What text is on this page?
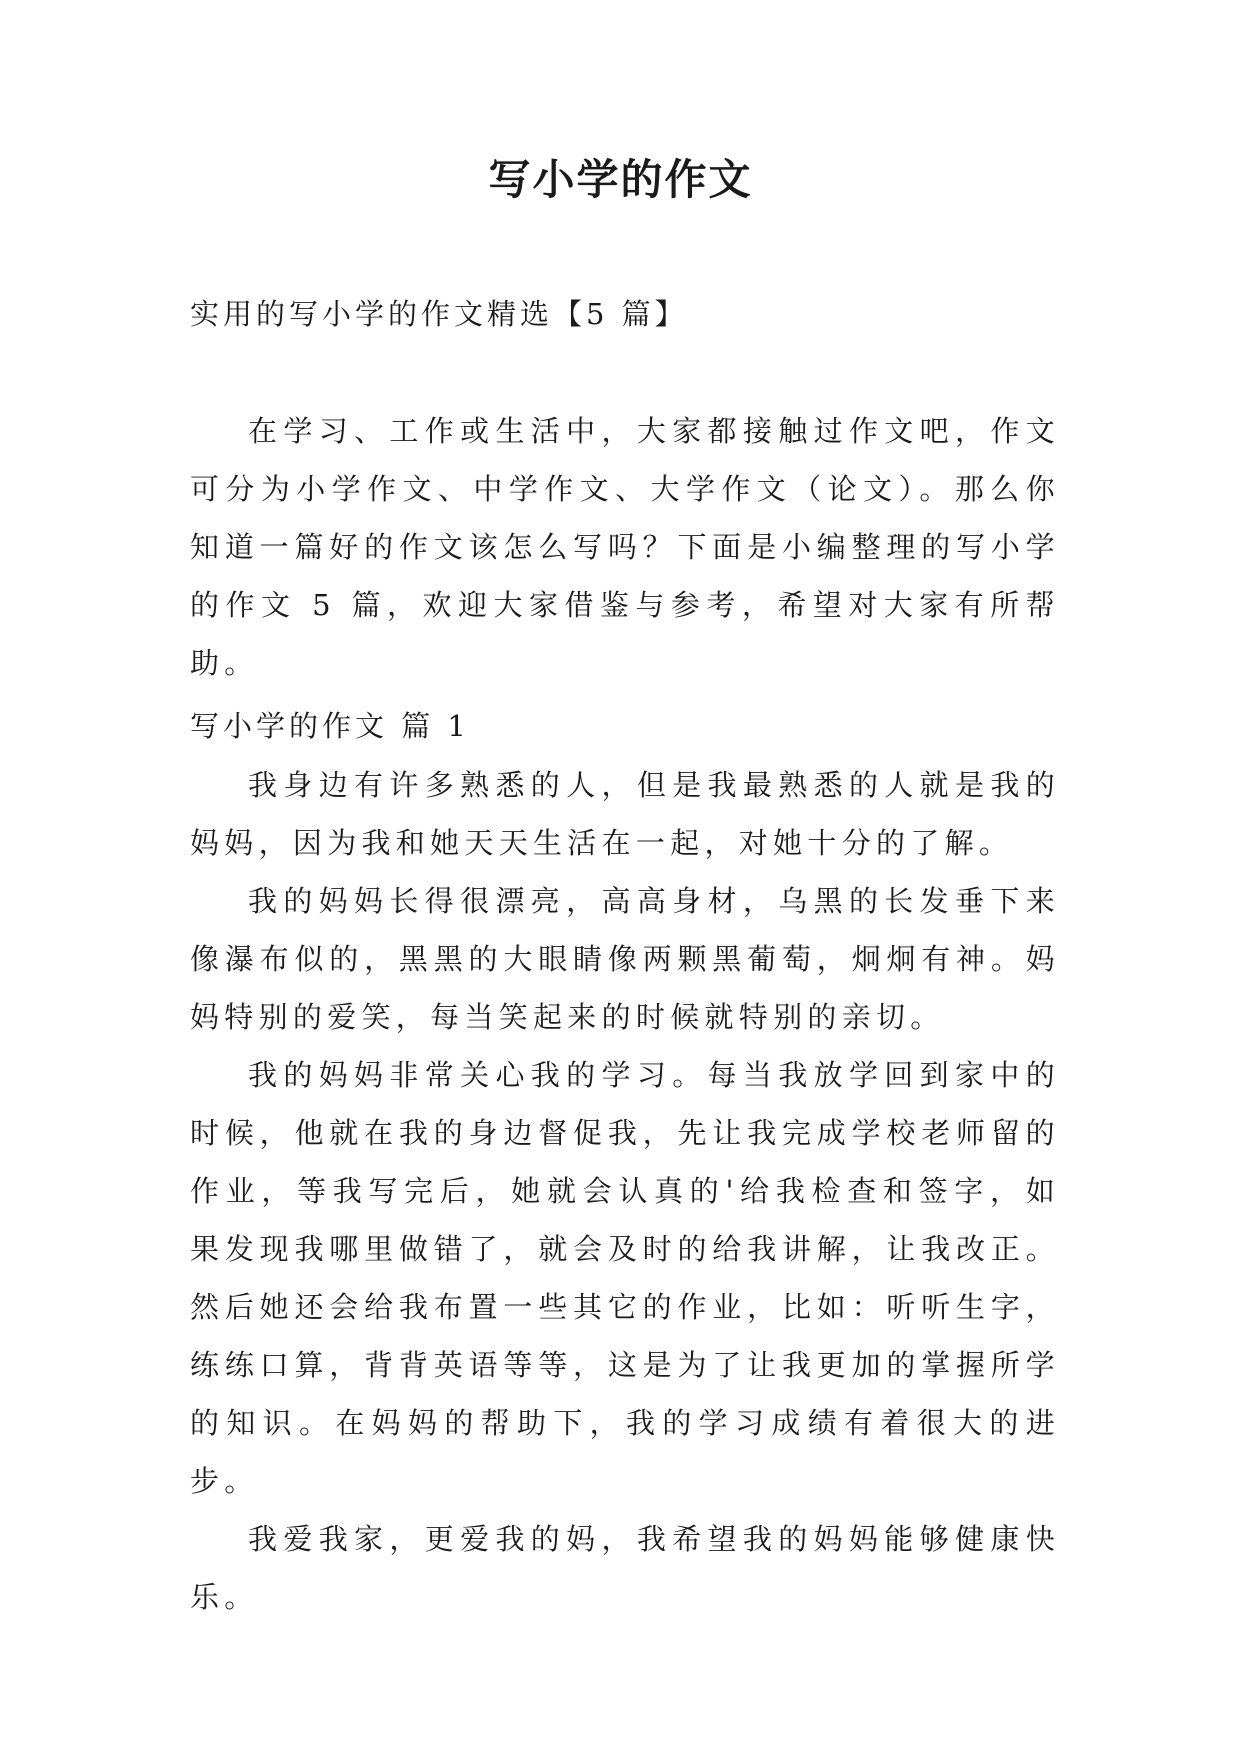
写小学的作文
实用的写小学的作文精选【5 篇】

在学习、工作或生活中，大家都接触过作文吧，作文可分为小学作文、中学作文、大学作文（论文）。那么你知道一篇好的作文该怎么写吗？下面是小编整理的写小学的作文 5 篇，欢迎大家借鉴与参考，希望对大家有所帮助。

写小学的作文 篇 1

我身边有许多熟悉的人，但是我最熟悉的人就是我的妈妈，因为我和她天天生活在一起，对她十分的了解。

我的妈妈长得很漂亮，高高身材，乌黑的长发垂下来像瀑布似的，黑黑的大眼睛像两颗黑葡萄，炯炯有神。妈妈特别的爱笑，每当笑起来的时候就特别的亲切。

我的妈妈非常关心我的学习。每当我放学回到家中的时候，他就在我的身边督促我，先让我完成学校老师留的作业，等我写完后，她就会认真的'给我检查和签字，如果发现我哪里做错了，就会及时的给我讲解，让我改正。然后她还会给我布置一些其它的作业，比如：听听生字，练练口算，背背英语等等，这是为了让我更加的掌握所学的知识。在妈妈的帮助下，我的学习成绩有着很大的进步。

我爱我家，更爱我的妈，我希望我的妈妈能够健康快乐。
